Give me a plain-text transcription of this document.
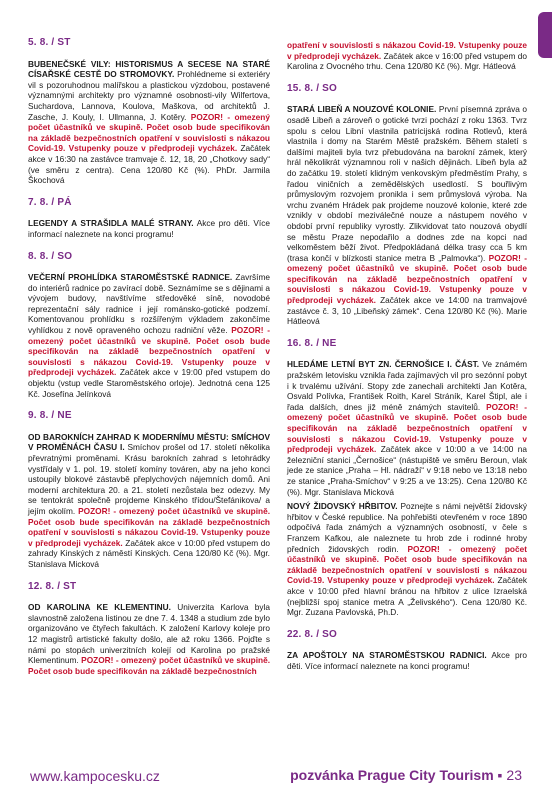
5. 8. / ST
BUBENEČSKÉ VILY: HISTORISMUS A SECESE NA STARÉ CÍSAŘSKÉ CESTĚ DO STROMOVKY. Prohlédneme si exteriéry vil s pozoruhodnou malířskou a plastickou výzdobou, postavené významnými architekty pro významné osobnosti-vily Wilfertova, Suchardova, Lannova, Koulova, Maškova, od architektů J. Zasche, J. Kouly, I. Ullmanna, J. Kotěry. POZOR! - omezený počet účastníků ve skupině. Počet osob bude specifikován na základě bezpečnostních opatření v souvislosti s nákazou Covid-19. Vstupenky pouze v předprodeji vycházek. Začátek akce v 16:30 na zastávce tramvaje č. 12, 18, 20 „Chotkovy sady“ (ve směru z centra). Cena 120/80 Kč (%). PhDr. Jarmila Škochová
7. 8. / PÁ
LEGENDY A STRAŠIDLA MALÉ STRANY. Akce pro děti. Více informací naleznete na konci programu!
8. 8. / SO
VEČERNÍ PROHLÍDKA STAROMĚSTSKÉ RADNICE. Završíme do interiérů radnice po zavírací době. Seznámíme se s dějinami a vývojem budovy, navštívíme středověké síně, novodobé reprezentační sály radnice i její románsko-gotické podzemí. Komentovanou prohlídku s rozšířeným výkladem zakončíme vyhlídkou z nově opraveného ochozu radniční věže. POZOR! - omezený počet účastníků ve skupině. Počet osob bude specifikován na základě bezpečnostních opatření v souvislosti s nákazou Covid-19. Vstupenky pouze v předprodeji vycházek. Začátek akce v 19:00 před vstupem do objektu (vstup vedle Staroměstského orloje). Jednotná cena 125 Kč. Josefína Jelínková
9. 8. / NE
OD BAROKNÍCH ZAHRAD K MODERNÍMU MĚSTU: SMÍCHOV V PROMĚNÁCH ČASU I. Smíchov prošel od 17. století několika převratnými proměnami. Krásu barokních zahrad s letohrádky vystřídaly v 1. pol. 19. století komíny továren, aby na jeho konci ustoupily blokové zástavbě přeplychových nájemních domů. Ani moderní architektura 20. a 21. století nezůstala bez odezvy. My se tentokrát společně projdeme Kinského třídou/Štefánikova/ a jejím okolím. POZOR! - omezený počet účastníků ve skupině. Počet osob bude specifikován na základě bezpečnostních opatření v souvislosti s nákazou Covid-19. Vstupenky pouze v předprodeji vycházek. Začátek akce v 10:00 před vstupem do zahrady Kinských z náměstí Kinských. Cena 120/80 Kč (%). Mgr. Stanislava Micková
12. 8. / ST
OD KAROLINA KE KLEMENTINU. Univerzita Karlova byla slavnostně založena listinou ze dne 7. 4. 1348 a studium zde bylo organizováno ve čtyřech fakultách. K založení Karlovy koleje pro 12 magistrů artistické fakulty došlo, ale až roku 1366. Pojďte s námi po stopách univerzitních kolejí od Karolina po pražské Klementinum. POZOR! - omezený počet účastníků ve skupině. Počet osob bude specifikován na základě bezpečnostních
opatření v souvislosti s nákazou Covid-19. Vstupenky pouze v předprodeji vycházek. Začátek akce v 16:00 před vstupem do Karolina z Ovocného trhu. Cena 120/80 Kč (%). Mgr. Hátleová
15. 8. / SO
STARÁ LIBEŇ A NOUZOVÉ KOLONIE. První písemná zpráva o osadě Libeň a zároveň o gotické tvrzi pochází z roku 1363. Tvrz spolu s celou Libní vlastnila patricijská rodina Rotlevů, která vlastnila i domy na Starém Městě pražském. Během staletí s dalšími majiteli byla tvrz přebudována na barokní zámek, který hrál několikrát významnou roli v našich dějinách. Libeň byla až do začátku 19. století klidným venkovským předměstím Prahy, s řadou viničních a zemědělských usedlostí. S bouřlivým průmyslovým rozvojem pronikla i sem průmyslová výroba. Na vrchu zvaném Hrádek pak projdeme nouzové kolonie, které zde vznikly v období meziválečné nouze a nástupem nového v období první republiky vyrostly. Zlikvidovat tato nouzová obydlí se městu Praze nepodařilo a dodnes zde na kopci nad velkoměstem běží život. Předpokládaná délka trasy cca 5 km (trasa končí v blízkosti stanice metra B „Palmovka“). POZOR! - omezený počet účastníků ve skupině. Počet osob bude specifikován na základě bezpečnostních opatření v souvislosti s nákazou Covid-19. Vstupenky pouze v předprodeji vycházek. Začátek akce ve 14:00 na tramvajové zastávce č. 3, 10 „Libeňský zámek“. Cena 120/80 Kč (%). Marie Hátleová
16. 8. / NE
HLEDÁME LETNÍ BYT ZN. ČERNOŠICE I. ČÁST. Ve známém pražském letovisku vznikla řada zajímavých vil pro sezónní pobyt i k trvalému užívání. Stopy zde zanechali architekti Jan Kotěra, Osvald Polívka, František Roith, Karel Stráník, Karel Štipl, ale i řada dalších, dnes již méně známých stavitelů. POZOR! - omezený počet účastníků ve skupině. Počet osob bude specifikován na základě bezpečnostních opatření v souvislosti s nákazou Covid-19. Vstupenky pouze v předprodeji vycházek. Začátek akce v 10:00 a ve 14:00 na železniční stanici „Černošice“ (nástupiště ve směru Beroun, vlak jede ze stanice „Praha – Hl. nádraží“ v 9:18 nebo ve 13:18 nebo ze stanice „Praha-Smíchov“ v 9:25 a ve 13:25). Cena 120/80 Kč (%). Mgr. Stanislava Micková
NOVÝ ŽIDOVSKÝ HŘBITOV. Poznejte s námi největší židovský hřbitov v České republice. Na pohřebišti otevřeném v roce 1890 odpočívá řada známých a významných osobností, v čele s Franzem Kafkou, ale naleznete tu hrob zde i rodinné hroby předních židovských rodin. POZOR! - omezený počet účastníků ve skupině. Počet osob bude specifikován na základě bezpečnostních opatření v souvislosti s nákazou Covid-19. Vstupenky pouze v předprodeji vycházek. Začátek akce v 10:00 před hlavní bránou na hřbitov z ulice Izraelská (nejbližší spoj stanice metra A „Želivského“). Cena 120/80 Kč. Mgr. Zuzana Pavlovská, Ph.D.
22. 8. / SO
ZA APOŠTOLY NA STAROMĚSTSKOU RADNICI. Akce pro děti. Více informací naleznete na konci programu!
www.kampocesku.cz	pozvánka Prague City Tourism ▪ 23
